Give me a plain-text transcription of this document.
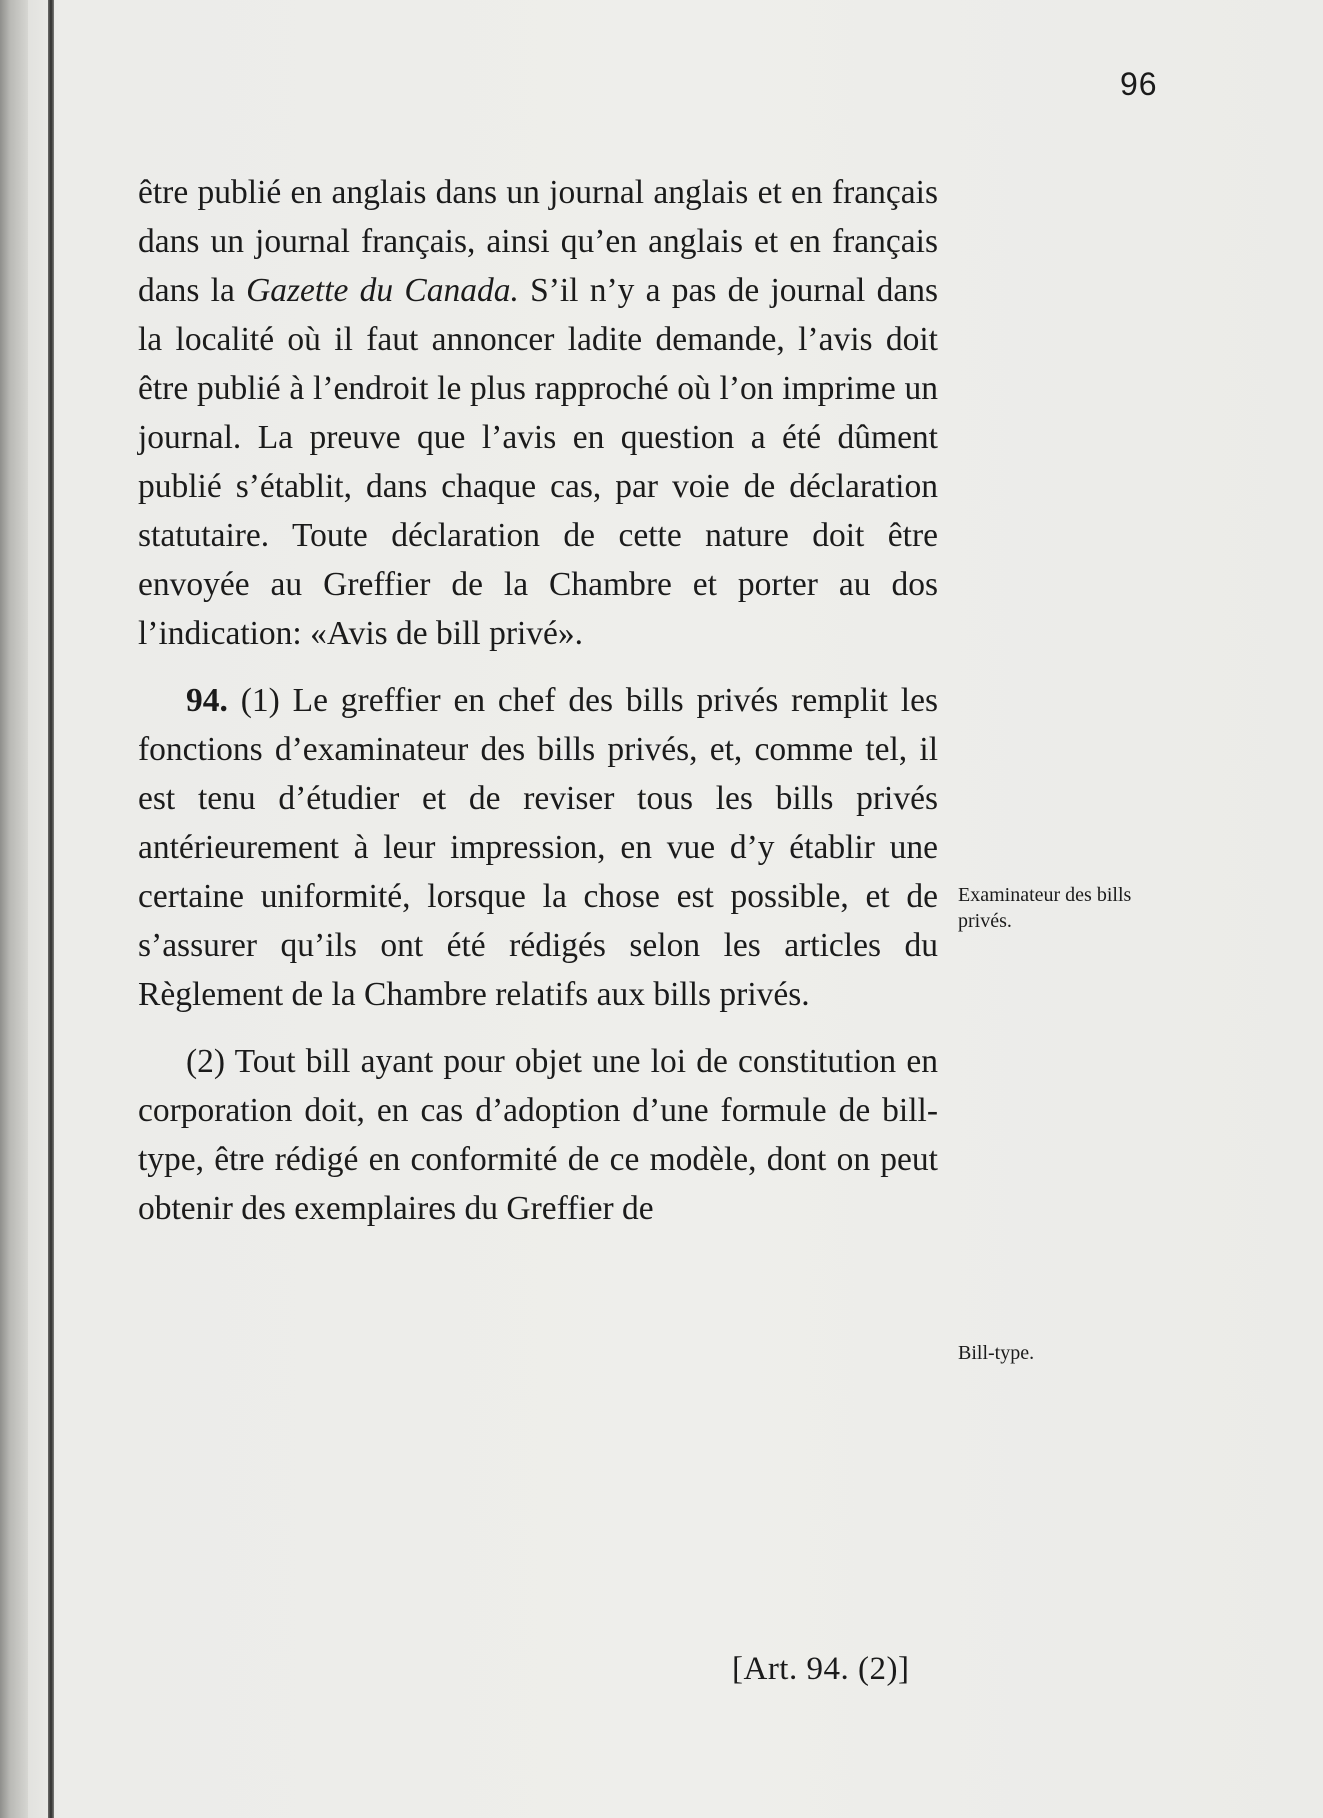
96

être publié en anglais dans un journal anglais et en français dans un journal français, ainsi qu’en anglais et en français dans la Gazette du Canada. S’il n’y a pas de journal dans la localité où il faut annoncer ladite demande, l’avis doit être publié à l’endroit le plus rapproché où l’on imprime un journal. La preuve que l’avis en question a été dûment publié s’établit, dans chaque cas, par voie de déclaration statutaire. Toute déclaration de cette nature doit être envoyée au Greffier de la Chambre et porter au dos l’indication: «Avis de bill privé».

94. (1) Le greffier en chef des bills privés remplit les fonctions d’examinateur des bills privés, et, comme tel, il est tenu d’étudier et de reviser tous les bills privés antérieurement à leur impression, en vue d’y établir une certaine uniformité, lorsque la chose est possible, et de s’assurer qu’ils ont été rédigés selon les articles du Règlement de la Chambre relatifs aux bills privés.

(2) Tout bill ayant pour objet une loi de constitution en corporation doit, en cas d’adoption d’une formule de bill-type, être rédigé en conformité de ce modèle, dont on peut obtenir des exemplaires du Greffier de

Examinateur des bills privés.
Bill-type.
[Art. 94. (2)]
